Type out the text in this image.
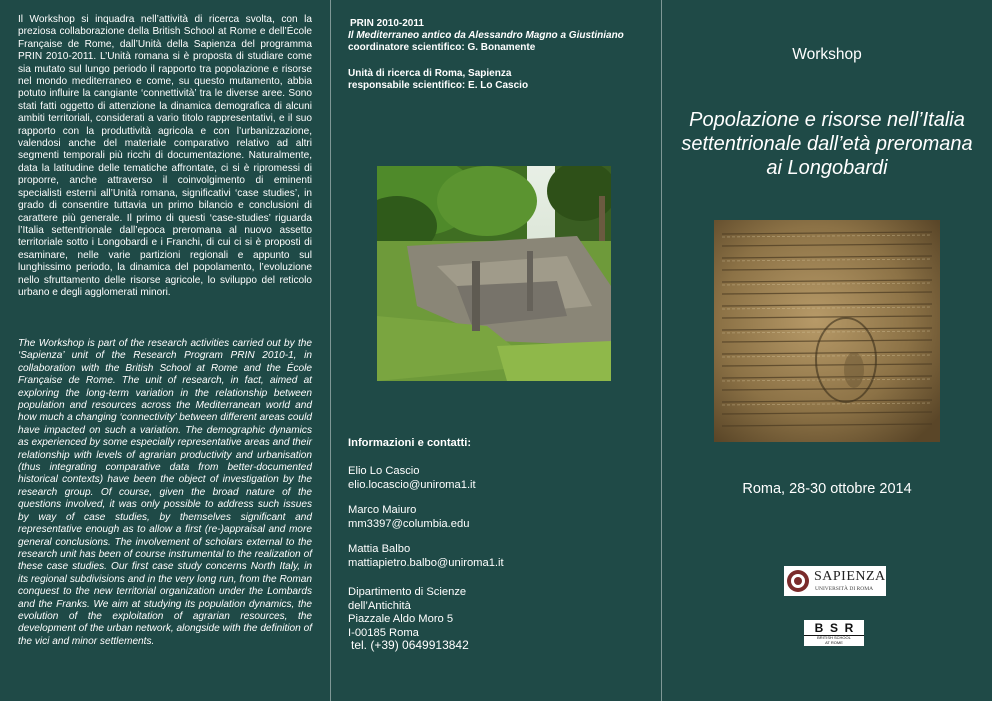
Il Workshop si inquadra nell’attività di ricerca svolta, con la preziosa collaborazione della British School at Rome e dell’École Française de Rome, dall’Unità della Sapienza del programma PRIN 2010-2011. L’Unità romana si è proposta di studiare come sia mutato sul lungo periodo il rapporto tra popolazione e risorse nel mondo mediterraneo e come, su questo mutamento, abbia potuto influire la cangiante ‘connettività’ tra le diverse aree. Sono stati fatti oggetto di attenzione la dinamica demografica di alcuni ambiti territoriali, considerati a vario titolo rappresentativi, e il suo rapporto con la produttività agricola e con l’urbanizzazione, valendosi anche del materiale comparativo relativo ad altri segmenti temporali più ricchi di documentazione. Naturalmente, data la latitudine delle tematiche affrontate, ci si è ripromessi di proporre, anche attraverso il coinvolgimento di eminenti specialisti esterni all’Unità romana, significativi ‘case studies’, in grado di consentire tuttavia un primo bilancio e conclusioni di carattere più generale. Il primo di questi ‘case-studies’ riguarda l’Italia settentrionale dall’epoca preromana al nuovo assetto territoriale sotto i Longobardi e i Franchi, di cui ci si è proposti di esaminare, nelle varie partizioni regionali e appunto sul lunghissimo periodo, la dinamica del popolamento, l’evoluzione nello sfruttamento delle risorse agricole, lo sviluppo del reticolo urbano e degli agglomerati minori.

The Workshop is part of the research activities carried out by the ‘Sapienza’ unit of the Research Program PRIN 2010-1, in collaboration with the British School at Rome and the École Française de Rome. The unit of research, in fact, aimed at exploring the long-term variation in the relationship between population and resources across the Mediterranean world and how much a changing ‘connectivity’ between different areas could have impacted on such a variation. The demographic dynamics as experienced by some especially representative areas and their relationship with levels of agrarian productivity and urbanisation (thus integrating comparative data from better-documented historical contexts) have been the object of investigation by the research group. Of course, given the broad nature of the questions involved, it was only possible to address such issues by way of case studies, by themselves significant and representative enough as to allow a first (re-)appraisal and more general conclusions. The involvement of scholars external to the research unit has been of course instrumental to the realization of these case studies. Our first case study concerns North Italy, in its regional subdivisions and in the very long run, from the Roman conquest to the new territorial organization under the Lombards and the Franks. We aim at studying its population dynamics, the evolution of the exploitation of agrarian resources, the development of the urban network, alongside with the definition of the vici and minor settlements.

PRIN 2010-2011
Il Mediterraneo antico da Alessandro Magno a Giustiniano
coordinatore scientifico: G. Bonamente
Unità di ricerca di Roma, Sapienza
responsabile scientifico: E. Lo Cascio

Informazioni e contatti:

Elio Lo Cascio
elio.locascio@uniroma1.it
Marco Maiuro
mm3397@columbia.edu
Mattia Balbo
mattiapietro.balbo@uniroma1.it
Dipartimento di Scienze
dell’Antichità
Piazzale Aldo Moro 5
I-00185 Roma

tel. (+39) 0649913842

Workshop

Popolazione e risorse nell’Italia
settentrionale dall’età preromana
ai Longobardi

Roma, 28-30 ottobre 2014

SAPIENZA
UNIVERSITÀ DI ROMA
B  S  R
BRITISH SCHOOL
AT ROME
